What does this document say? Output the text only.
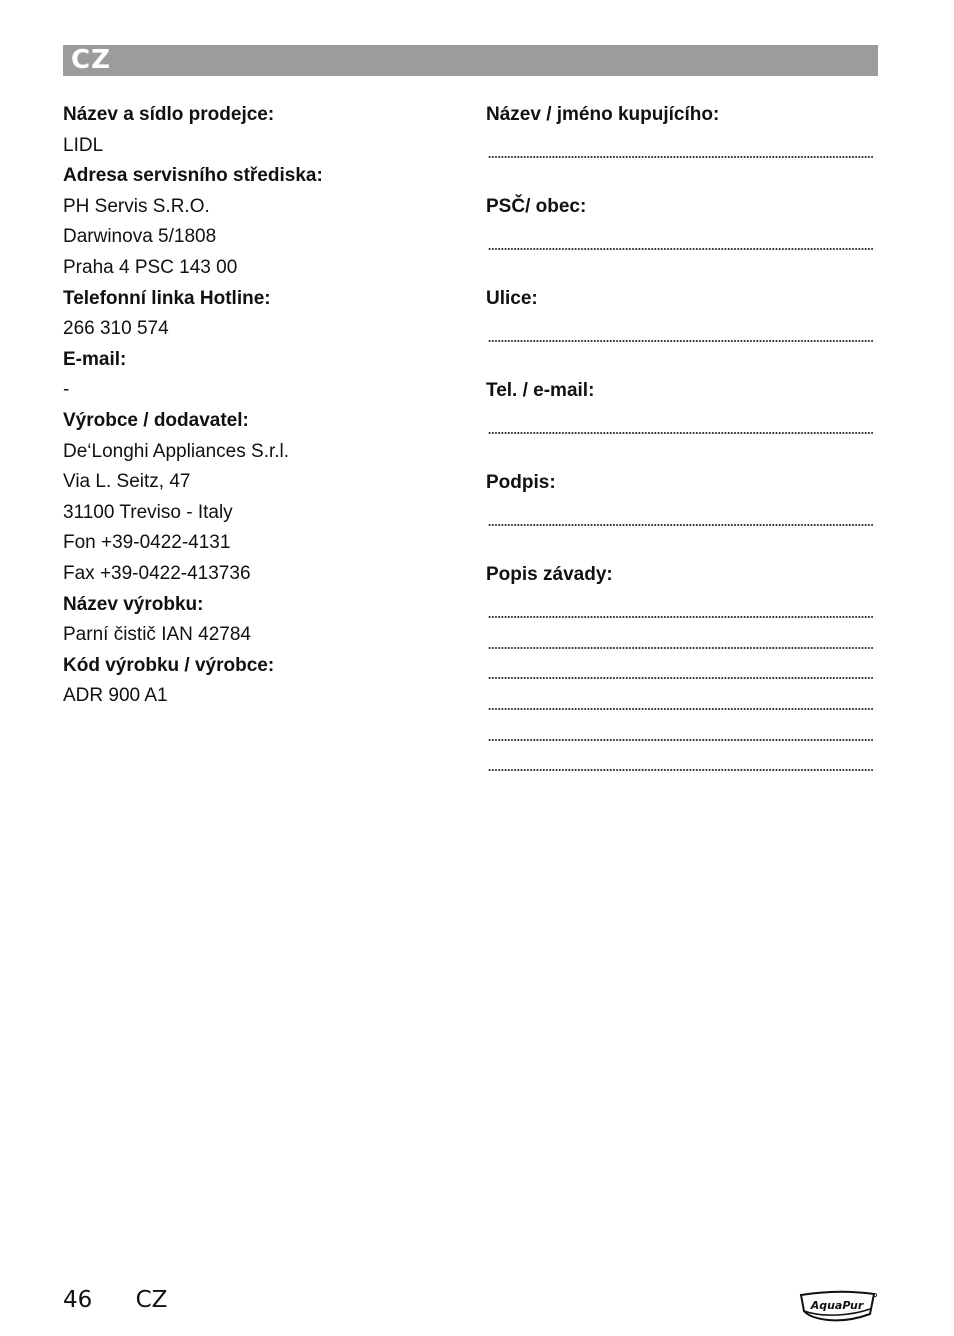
CZ
Název a sídlo prodejce:
LIDL
Adresa servisního střediska:
PH Servis S.R.O.
Darwinova 5/1808
Praha 4 PSC 143 00
Telefonní linka Hotline:
266 310 574
E-mail:
-
Výrobce / dodavatel:
De‘Longhi Appliances S.r.l.
Via L. Seitz, 47
31100 Treviso - Italy
Fon +39-0422-4131
Fax +39-0422-413736
Název výrobku:
Parní čistič IAN 42784
Kód výrobku / výrobce:
ADR 900 A1
Název / jméno kupujícího:
PSČ/ obec:
Ulice:
Tel. / e-mail:
Podpis:
Popis závady:
46 CZ	AquaPur
